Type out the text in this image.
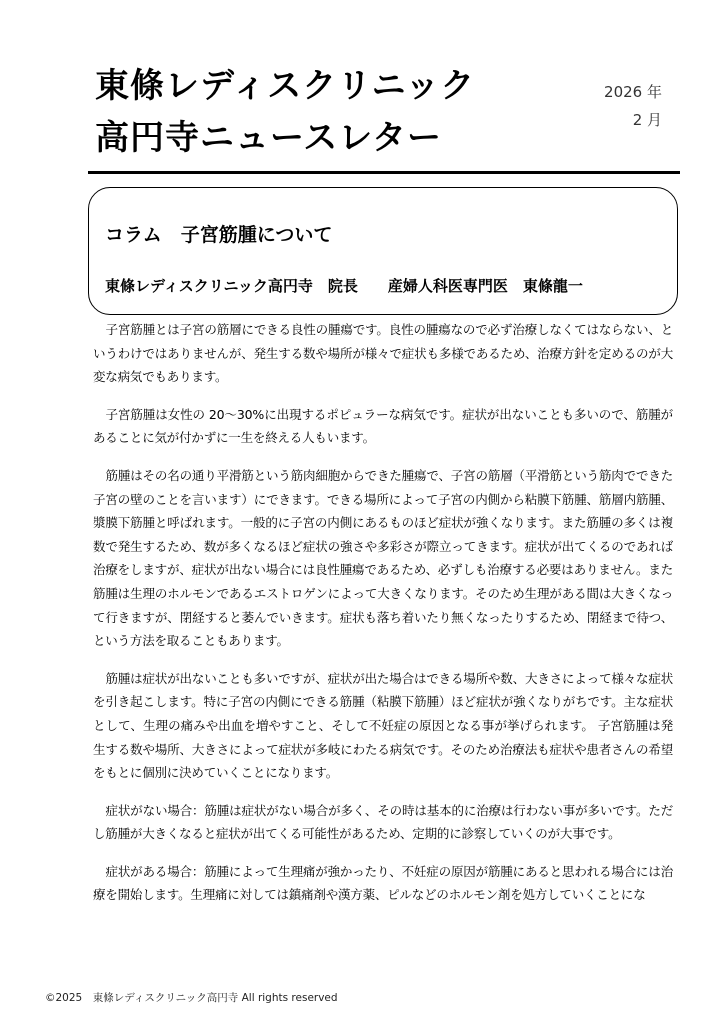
東條レディスクリニック
高円寺ニュースレター
2026 年
2 月
コラム　子宮筋腫について
東條レディスクリニック高円寺　院長　　産婦人科医専門医　東條龍一

子宮筋腫とは子宮の筋層にできる良性の腫瘍です。良性の腫瘍なので必ず治療しなくてはならない、というわけではありませんが、発生する数や場所が様々で症状も多様であるため、治療方針を定めるのが大変な病気でもあります。

子宮筋腫は女性の 20～30%に出現するポピュラーな病気です。症状が出ないことも多いので、筋腫があることに気が付かずに一生を終える人もいます。

筋腫はその名の通り平滑筋という筋肉細胞からできた腫瘍で、子宮の筋層（平滑筋という筋肉でできた子宮の壁のことを言います）にできます。できる場所によって子宮の内側から粘膜下筋腫、筋層内筋腫、漿膜下筋腫と呼ばれます。一般的に子宮の内側にあるものほど症状が強くなります。また筋腫の多くは複数で発生するため、数が多くなるほど症状の強さや多彩さが際立ってきます。症状が出てくるのであれば治療をしますが、症状が出ない場合には良性腫瘍であるため、必ずしも治療する必要はありません。また筋腫は生理のホルモンであるエストロゲンによって大きくなります。そのため生理がある間は大きくなって行きますが、閉経すると萎んでいきます。症状も落ち着いたり無くなったりするため、閉経まで待つ、という方法を取ることもあります。

筋腫は症状が出ないことも多いですが、症状が出た場合はできる場所や数、大きさによって様々な症状を引き起こします。特に子宮の内側にできる筋腫（粘膜下筋腫）ほど症状が強くなりがちです。主な症状として、生理の痛みや出血を増やすこと、そして不妊症の原因となる事が挙げられます。 子宮筋腫は発生する数や場所、大きさによって症状が多岐にわたる病気です。そのため治療法も症状や患者さんの希望をもとに個別に決めていくことになります。

症状がない場合：筋腫は症状がない場合が多く、その時は基本的に治療は行わない事が多いです。ただし筋腫が大きくなると症状が出てくる可能性があるため、定期的に診察していくのが大事です。

症状がある場合：筋腫によって生理痛が強かったり、不妊症の原因が筋腫にあると思われる場合には治療を開始します。生理痛に対しては鎮痛剤や漢方薬、ピルなどのホルモン剤を処方していくことにな

©2025　東條レディスクリニック高円寺 All rights reserved
